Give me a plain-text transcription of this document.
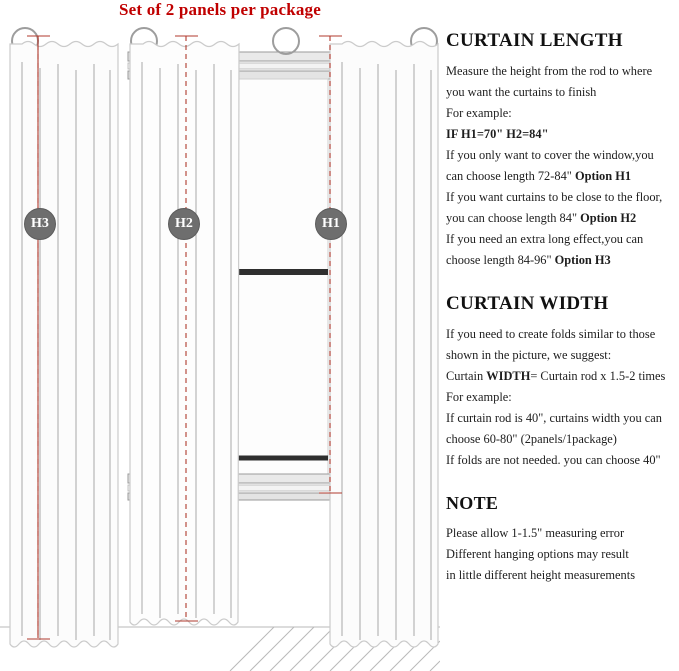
Set of 2 panels per package
H3	H2	H1
CURTAIN LENGTH

Measure the height from the rod to where

you want the curtains to finish

For example:

IF H1=70" H2=84"

If you only want to cover the window,you

can choose length 72-84" Option H1

If you want curtains to be close to the floor,

you can choose length 84" Option H2

If you need an extra long effect,you can

choose length 84-96" Option H3

CURTAIN WIDTH

If you need to create folds similar to those

shown in the picture, we suggest:

Curtain WIDTH= Curtain rod x 1.5-2 times

For example:

If curtain rod is 40", curtains width you can

choose 60-80" (2panels/1package)

If folds are not needed. you can choose 40"

NOTE

Please allow 1-1.5" measuring error

Different hanging options may result

in little different height measurements
